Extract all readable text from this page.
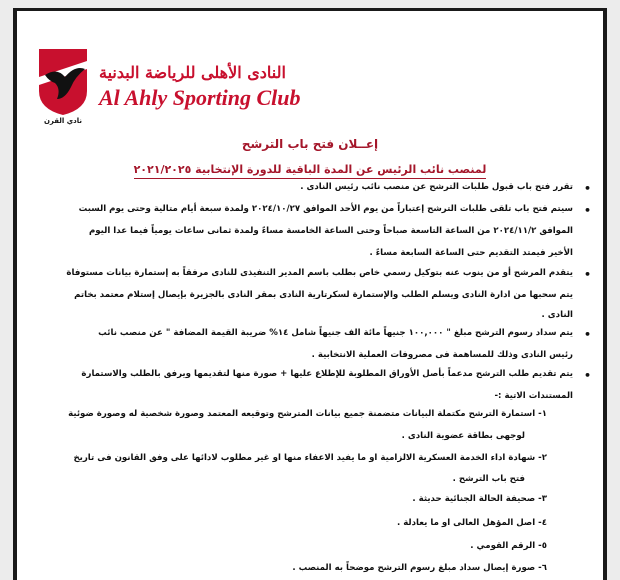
نادي القرن
النادى الأهلى للرياضة البدنية
Al Ahly Sporting Club
إعــلان فتح باب الترشح
لمنصب نائب الرئيس عن المدة الباقية للدورة الإنتخابية ٢٠٢١/٢٠٢٥
• تقرر فتح باب قبول طلبات الترشح عن منصب نائب رئيس النادى .
• سيتم فتح باب تلقى طلبات الترشح إعتباراً من يوم الأحد الموافق ٢٠٢٤/١٠/٢٧ ولمدة سبعة أيام متالية وحتى يوم السبت
الموافق ٢٠٢٤/١١/٢ من الساعة التاسعة صباحاً وحتى الساعة الخامسة مساءً ولمدة ثمانى ساعات يومياً فيما عدا اليوم
الأخير فيمتد التقديم حتى الساعة السابعة مساءً .
• يتقدم المرشح أو من ينوب عنه بتوكيل رسمي خاص بطلب باسم المدير التنفيذى للنادى مرفقاً به إستمارة بيانات مستوفاة
يتم سحبها من ادارة النادى ويسلم الطلب والإستمارة لسكرتارية النادى بمقر النادى بالجزيرة بإيصال إستلام معتمد بخاتم
النادى .
• يتم سداد رسوم الترشح مبلغ " ١٠٠,٠٠٠ جنيهاً مائة الف جنيهاً شامل ١٤% ضريبة القيمة المضافة " عن منصب نائب
رئيس النادى وذلك للمساهمة فى مصروفات العملية الانتخابية .
• يتم تقديم طلب الترشح مدعماً بأصل الأوراق المطلوبة للإطلاع عليها + صورة منها لتقديمها ويرفق بالطلب والاستمارة
المستندات الاتية :-
١- استمارة الترشح مكتملة البيانات متضمنة جميع بيانات المترشح وتوقيعه المعتمد وصورة شخصية له وصورة ضوئية
لوجهى بطاقة عضوية النادى .
٢- شهادة اداء الخدمة العسكرية الالزامية او ما يفيد الاعفاء منها او غير مطلوب لادائها على وفق القانون فى تاريخ
فتح باب الترشح .
٣- صحيفة الحالة الجنائية حديثة .
٤- اصل المؤهل العالى او ما يعادلة .
٥- الرقم القومي .
٦- صورة إيصال سداد مبلغ رسوم الترشح موضحاً به المنصب .
